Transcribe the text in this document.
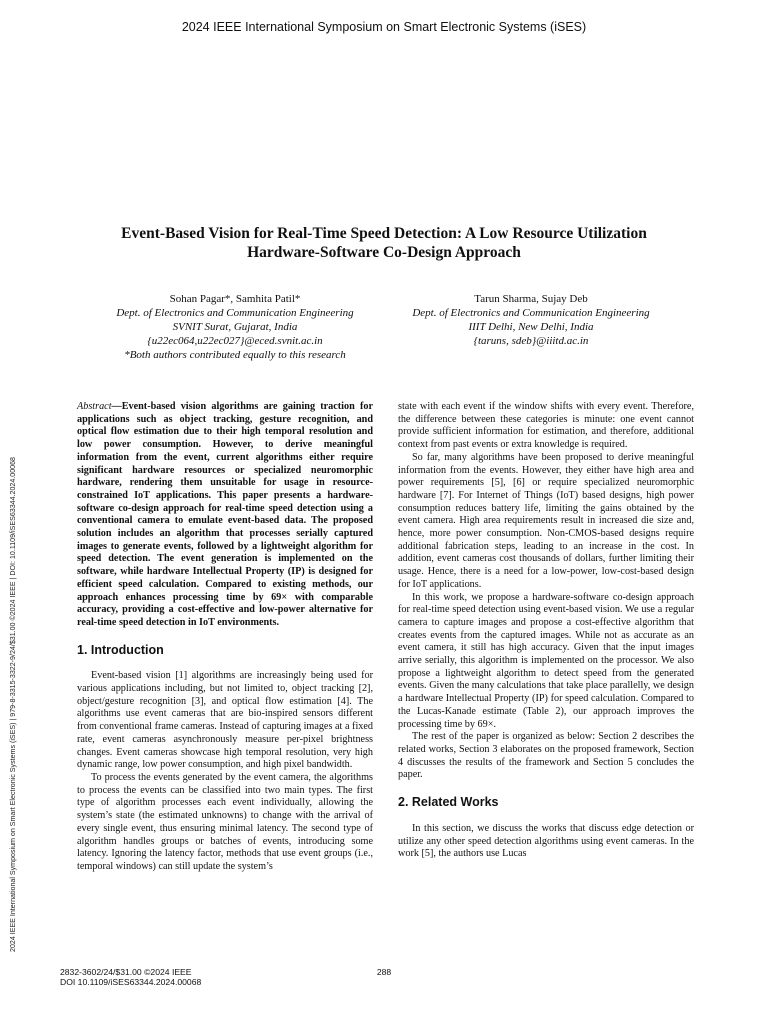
2024 IEEE International Symposium on Smart Electronic Systems (iSES)
2024 IEEE International Symposium on Smart Electronic Systems (iSES) | 979-8-3315-3322-9/24/$31.00 ©2024 IEEE | DOI: 10.1109/iSES63344.2024.00068
Event-Based Vision for Real-Time Speed Detection: A Low Resource Utilization
Hardware-Software Co-Design Approach
Sohan Pagar*, Samhita Patil*
Dept. of Electronics and Communication Engineering
SVNIT Surat, Gujarat, India
{u22ec064,u22ec027}@eced.svnit.ac.in
*Both authors contributed equally to this research
Tarun Sharma, Sujay Deb
Dept. of Electronics and Communication Engineering
IIIT Delhi, New Delhi, India
{taruns, sdeb}@iiitd.ac.in

Abstract—Event-based vision algorithms are gaining traction for applications such as object tracking, gesture recognition, and optical flow estimation due to their high temporal resolution and low power consumption. However, to derive meaningful information from the event, current algorithms either require significant hardware resources or specialized neuromorphic hardware, rendering them unsuitable for usage in resource-constrained IoT applications. This paper presents a hardware-software co-design approach for real-time speed detection using a conventional camera to emulate event-based data. The proposed solution includes an algorithm that processes serially captured images to generate events, followed by a lightweight algorithm for speed detection. The event generation is implemented on the software, while hardware Intellectual Property (IP) is designed for efficient speed calculation. Compared to existing methods, our approach enhances processing time by 69× with comparable accuracy, providing a cost-effective and low-power alternative for real-time speed detection in IoT environments.

1. Introduction

Event-based vision [1] algorithms are increasingly being used for various applications including, but not limited to, object tracking [2], object/gesture recognition [3], and optical flow estimation [4]. The algorithms use event cameras that are bio-inspired sensors different from conventional frame cameras. Instead of capturing images at a fixed rate, event cameras asynchronously measure per-pixel brightness changes. Event cameras showcase high temporal resolution, very high dynamic range, low power consumption, and high pixel bandwidth.

To process the events generated by the event camera, the algorithms to process the events can be classified into two main types. The first type of algorithm processes each event individually, allowing the system’s state (the estimated unknowns) to change with the arrival of every single event, thus ensuring minimal latency. The second type of algorithm handles groups or batches of events, introducing some latency. Ignoring the latency factor, methods that use event groups (i.e., temporal windows) can still update the system’s

state with each event if the window shifts with every event. Therefore, the difference between these categories is minute: one event cannot provide sufficient information for estimation, and therefore, additional context from past events or extra knowledge is required.

So far, many algorithms have been proposed to derive meaningful information from the events. However, they either have high area and power requirements [5], [6] or require specialized neuromorphic hardware [7]. For Internet of Things (IoT) based designs, high power consumption reduces battery life, limiting the gains obtained by the event camera. High area requirements result in increased die size and, hence, more power consumption. Non-CMOS-based designs require additional fabrication steps, leading to an increase in the cost. In addition, event cameras cost thousands of dollars, further limiting their usage. Hence, there is a need for a low-power, low-cost-based design for IoT applications.

In this work, we propose a hardware-software co-design approach for real-time speed detection using event-based vision. We use a regular camera to capture images and propose a cost-effective algorithm that creates events from the captured images. While not as accurate as an event camera, it still has high accuracy. Given that the input images arrive serially, this algorithm is implemented on the processor. We also propose a lightweight algorithm to detect speed from the generated events. Given the many calculations that take place parallelly, we design a hardware Intellectual Property (IP) for speed calculation. Compared to the Lucas-Kanade estimate (Table 2), our approach improves the processing time by 69×.

The rest of the paper is organized as below: Section 2 describes the related works, Section 3 elaborates on the proposed framework, Section 4 discusses the results of the framework and Section 5 concludes the paper.

2. Related Works

In this section, we discuss the works that discuss edge detection or utilize any other speed detection algorithms using event cameras. In the work [5], the authors use Lucas

2832-3602/24/$31.00 ©2024 IEEE
DOI 10.1109/iSES63344.2024.00068
288
